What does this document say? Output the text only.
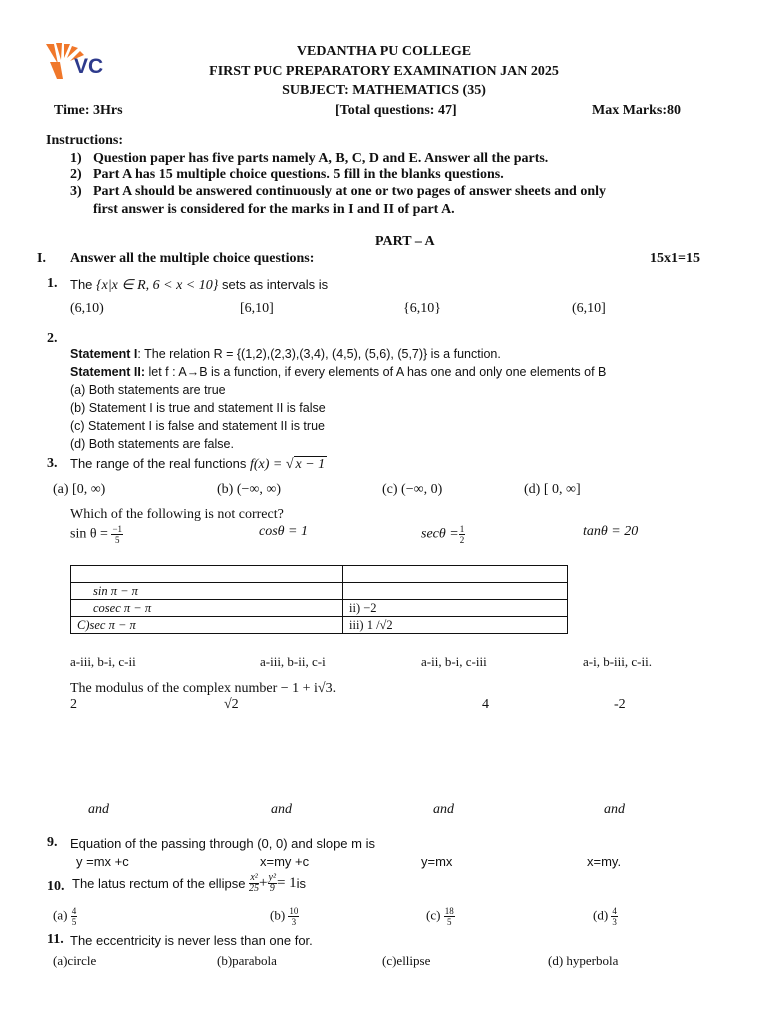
VC
VEDANTHA PU COLLEGE
FIRST PUC PREPARATORY EXAMINATION JAN 2025
SUBJECT: MATHEMATICS (35)
Time: 3Hrs	[Total questions: 47]	Max Marks:80
Instructions:
1) Question paper has five parts namely A, B, C, D and E. Answer all the parts.
2) Part A has 15 multiple choice questions. 5 fill in the blanks questions.
3) Part A should be answered continuously at one or two pages of answer sheets and only
first answer is considered for the marks in I and II of part A.
PART – A
I. Answer all the multiple choice questions:	15x1=15
1. The {x|x ∈ R, 6 < x < 10} sets as intervals is
(6,10)	[6,10]	{6,10}	(6,10]
2.
Statement I: The relation R = {(1,2),(2,3),(3,4), (4,5), (5,6), (5,7)} is a function.
Statement II: let f : A→B is a function, if every elements of A has one and only one elements of B
(a) Both statements are true
(b) Statement I is true and statement II is false
(c) Statement I is false and statement II is true
(d) Both statements are false.
3. The range of the real functions f(x) = √ x − 1
(a) [0, ∞)	(b) (−∞, ∞)	(c) (−∞, 0)	(d) [ 0, ∞]
Which of the following is not correct?
$\sin \theta = \frac{-1}{5}$	cosθ = 1	$\sec\theta = \frac{1}{2}$	tanθ = 20

sin π − π	
cosec π − π	ii) −2
C)sec π − π	iii) 1 /√2
a-iii, b-i, c-ii	a-iii, b-ii, c-i	a-ii, b-i, c-iii	a-i, b-iii, c-ii.
The modulus of the complex number − 1 + i√3.
2	√2	4	-2
and	and	and	and
9. Equation of the passing through (0, 0) and slope m is
y =mx +c	x=my +c	y=mx	x=my.
10. The latus rectum of the ellipse $\frac{\text{x²}}{25} + \frac{\text{y²}}{9} = 1is$
$(a) \frac{4}{5}$	$(b) \frac{10}{3}$	$(c) \frac{18}{5}$	$(d) \frac{4}{3}$
11. The eccentricity is never less than one for.
(a)circle	(b)parabola	(c)ellipse	(d) hyperbola
